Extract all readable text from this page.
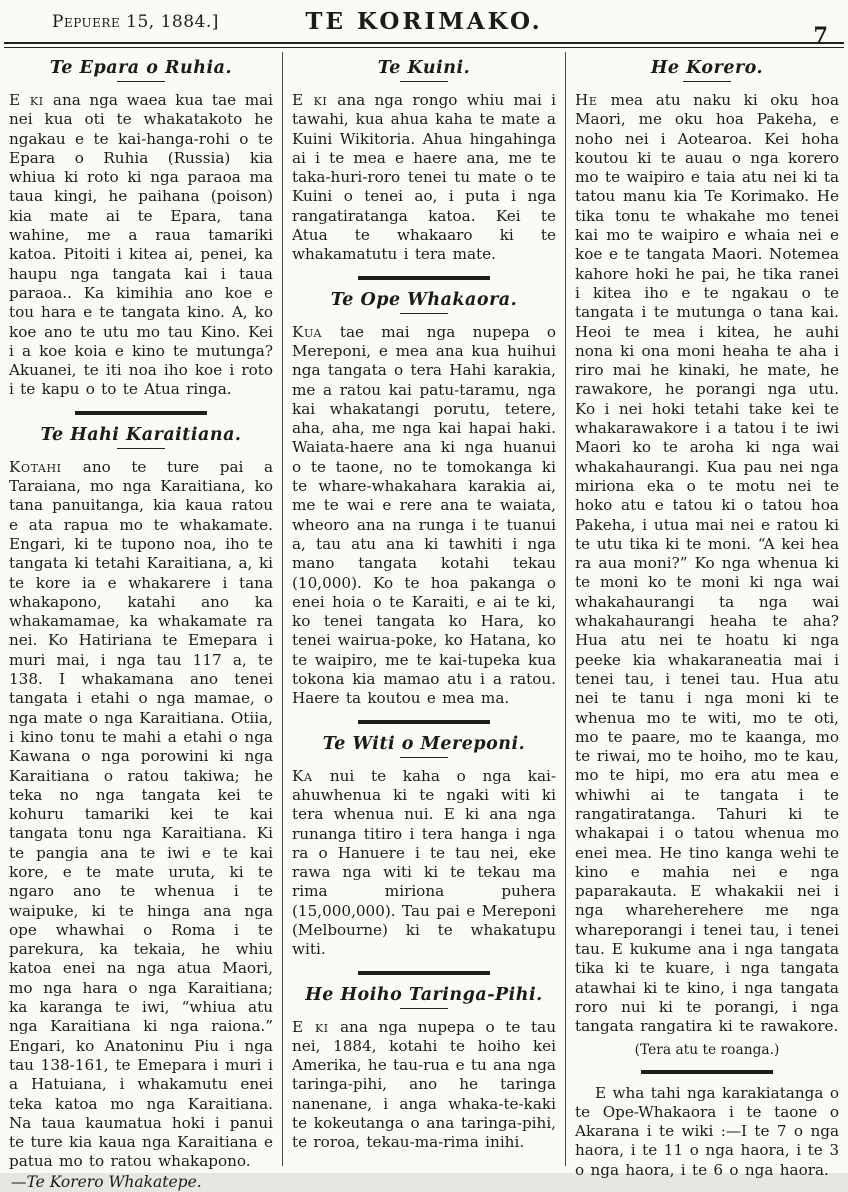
Pepuere 15, 1884.]	TE KORIMAKO.	7
Te Epara o Ruhia.

E ki ana nga waea kua tae mai nei kua oti te whakatakoto he ngakau e te kai-hanga-rohi o te Epara o Ruhia (Russia) kia whiua ki roto ki nga paraoa ma taua kingi, he paihana (poison) kia mate ai te Epara, tana wahine, me a raua tamariki katoa. Pitoiti i kitea ai, penei, ka haupu nga tangata kai i taua paraoa.. Ka kimihia ano koe e tou hara e te tangata kino. A, ko koe ano te utu mo tau Kino. Kei i a koe koia e kino te mutunga? Akuanei, te iti noa iho koe i roto i te kapu o to te Atua ringa.

Te Hahi Karaitiana.

Kotahi ano te ture pai a Taraiana, mo nga Karaitiana, ko tana panuitanga, kia kaua ratou e ata rapua mo te whakamate. Engari, ki te tupono noa, iho te tangata ki tetahi Karaitiana, a, ki te kore ia e whakarere i tana whakapono, katahi ano ka whakamamae, ka whakamate ra nei. Ko Hatiriana te Emepara i muri mai, i nga tau 117 a, te 138. I whakamana ano tenei tangata i etahi o nga mamae, o nga mate o nga Karaitiana. Otiia, i kino tonu te mahi a etahi o nga Kawana o nga porowini ki nga Karaitiana o ratou takiwa; he teka no nga tangata kei te kohuru tamariki kei te kai tangata tonu nga Karaitiana. Ki te pangia ana te iwi e te kai kore, e te mate uruta, ki te ngaro ano te whenua i te waipuke, ki te hinga ana nga ope whawhai o Roma i te parekura, ka tekaia, he whiu katoa enei na nga atua Maori, mo nga hara o nga Karaitiana; ka karanga te iwi, “whiua atu nga Karaitiana ki nga raiona.” Engari, ko Anatoninu Piu i nga tau 138-161, te Emepara i muri i a Hatuiana, i whakamutu enei teka katoa mo nga Karaitiana. Na taua kaumatua hoki i panui te ture kia kaua nga Karaitiana e patua mo to ratou whakapono.

—Te Korero Whakatepe.

Te Kuini.

E ki ana nga rongo whiu mai i tawahi, kua ahua kaha te mate a Kuini Wikitoria. Ahua hingahinga ai i te mea e haere ana, me te taka-huri-roro tenei tu mate o te Kuini o tenei ao, i puta i nga rangatiratanga katoa. Kei te Atua te whakaaro ki te whakamatutu i tera mate.

Te Ope Whakaora.

Kua tae mai nga nupepa o Mereponi, e mea ana kua huihui nga tangata o tera Hahi karakia, me a ratou kai patu-taramu, nga kai whakatangi porutu, tetere, aha, aha, me nga kai hapai haki. Waiata-haere ana ki nga huanui o te taone, no te tomokanga ki te whare-whakahara karakia ai, me te wai e rere ana te waiata, wheoro ana na runga i te tuanui a, tau atu ana ki tawhiti i nga mano tangata kotahi tekau (10,000). Ko te hoa pakanga o enei hoia o te Karaiti, e ai te ki, ko tenei tangata ko Hara, ko tenei wairua-poke, ko Hatana, ko te waipiro, me te kai-tupeka kua tokona kia mamao atu i a ratou. Haere ta koutou e mea ma.

Te Witi o Mereponi.

Ka nui te kaha o nga kai-ahuwhenua ki te ngaki witi ki tera whenua nui. E ki ana nga runanga titiro i tera hanga i nga ra o Hanuere i te tau nei, eke rawa nga witi ki te tekau ma rima miriona puhera (15,000,000). Tau pai e Mereponi (Melbourne) ki te whakatupu witi.

He Hoiho Taringa-Pihi.

E ki ana nga nupepa o te tau nei, 1884, kotahi te hoiho kei Amerika, he tau-rua e tu ana nga taringa-pihi, ano he taringa nanenane, i anga whaka-te-kaki te kokeutanga o ana taringa-pihi, te roroa, tekau-ma-rima inihi.

He Korero.

He mea atu naku ki oku hoa Maori, me oku hoa Pakeha, e noho nei i Aotearoa. Kei hoha koutou ki te auau o nga korero mo te waipiro e taia atu nei ki ta tatou manu kia Te Korimako. He tika tonu te whakahe mo tenei kai mo te waipiro e whaia nei e koe e te tangata Maori. Notemea kahore hoki he pai, he tika ranei i kitea iho e te ngakau o te tangata i te mutunga o tana kai. Heoi te mea i kitea, he auhi nona ki ona moni heaha te aha i riro mai he kinaki, he mate, he rawakore, he porangi nga utu. Ko i nei hoki tetahi take kei te whakarawakore i a tatou i te iwi Maori ko te aroha ki nga wai whakahaurangi. Kua pau nei nga miriona eka o te motu nei te hoko atu e tatou ki o tatou hoa Pakeha, i utua mai nei e ratou ki te utu tika ki te moni. “A kei hea ra aua moni?” Ko nga whenua ki te moni ko te moni ki nga wai whakahaurangi ta nga wai whakahaurangi heaha te aha? Hua atu nei te hoatu ki nga peeke kia whakaraneatia mai i tenei tau, i tenei tau. Hua atu nei te tanu i nga moni ki te whenua mo te witi, mo te oti, mo te paare, mo te kaanga, mo te riwai, mo te hoiho, mo te kau, mo te hipi, mo era atu mea e whiwhi ai te tangata i te rangatiratanga. Tahuri ki te whakapai i o tatou whenua mo enei mea. He tino kanga wehi te kino e mahia nei e nga paparakauta. E whakakii nei i nga whareherehere me nga whareporangi i tenei tau, i tenei tau. E kukume ana i nga tangata tika ki te kuare, i nga tangata atawhai ki te kino, i nga tangata roro nui ki te porangi, i nga tangata rangatira ki te rawakore.

(Tera atu te roanga.)

E wha tahi nga karakiatanga o te Ope-Whakaora i te taone o Akarana i te wiki :—I te 7 o nga haora, i te 11 o nga haora, i te 3 o nga haora, i te 6 o nga haora.
